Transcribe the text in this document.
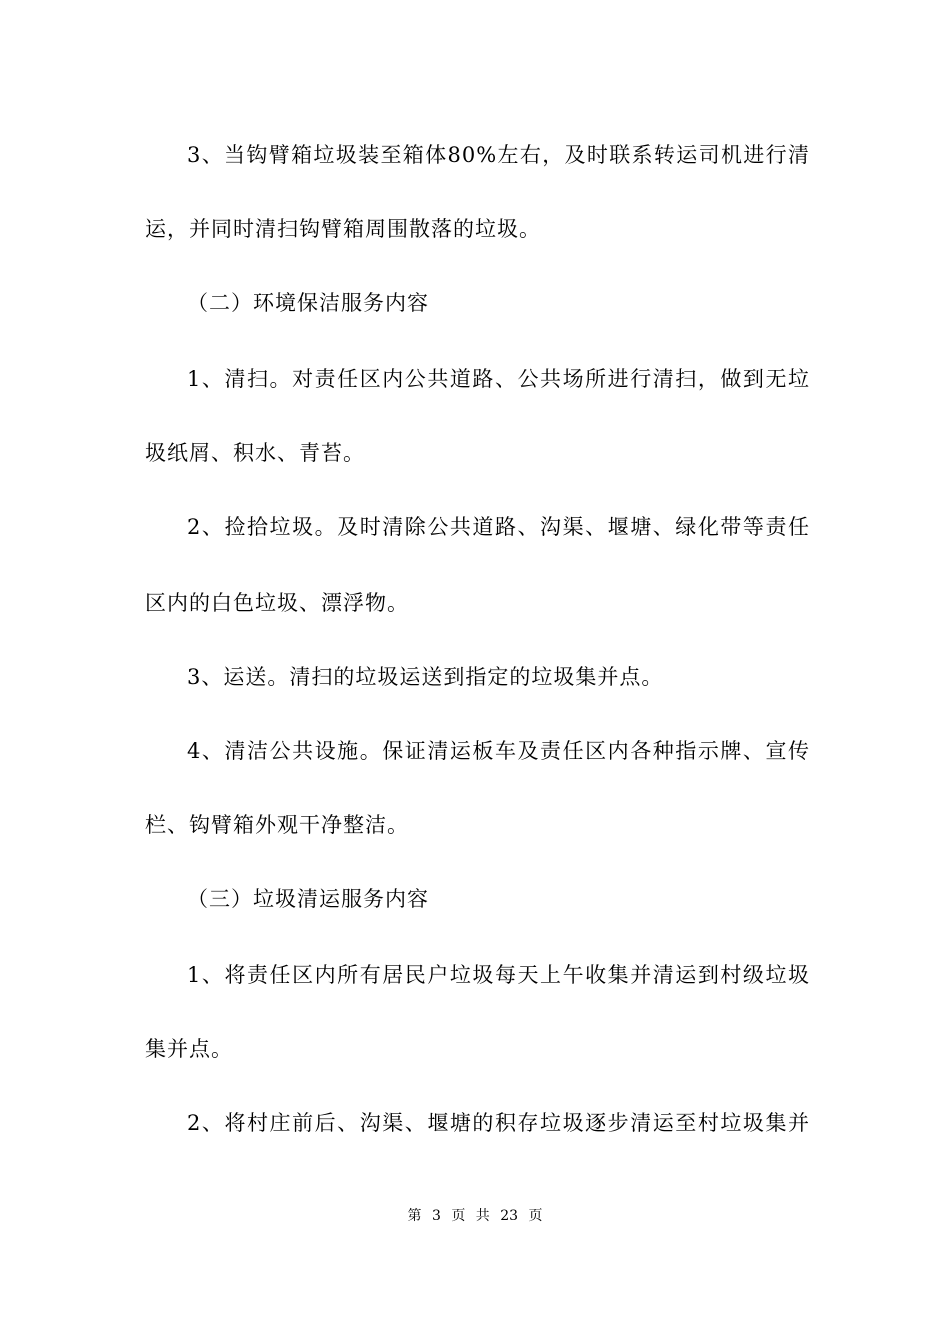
3、当钩臂箱垃圾装至箱体80%左右，及时联系转运司机进行清
运，并同时清扫钩臂箱周围散落的垃圾。
（二）环境保洁服务内容
1、清扫。对责任区内公共道路、公共场所进行清扫，做到无垃
圾纸屑、积水、青苔。
2、捡拾垃圾。及时清除公共道路、沟渠、堰塘、绿化带等责任
区内的白色垃圾、漂浮物。
3、运送。清扫的垃圾运送到指定的垃圾集并点。
4、清洁公共设施。保证清运板车及责任区内各种指示牌、宣传
栏、钩臂箱外观干净整洁。
（三）垃圾清运服务内容
1、将责任区内所有居民户垃圾每天上午收集并清运到村级垃圾
集并点。
2、将村庄前后、沟渠、堰塘的积存垃圾逐步清运至村垃圾集并
第 3 页 共 23 页
